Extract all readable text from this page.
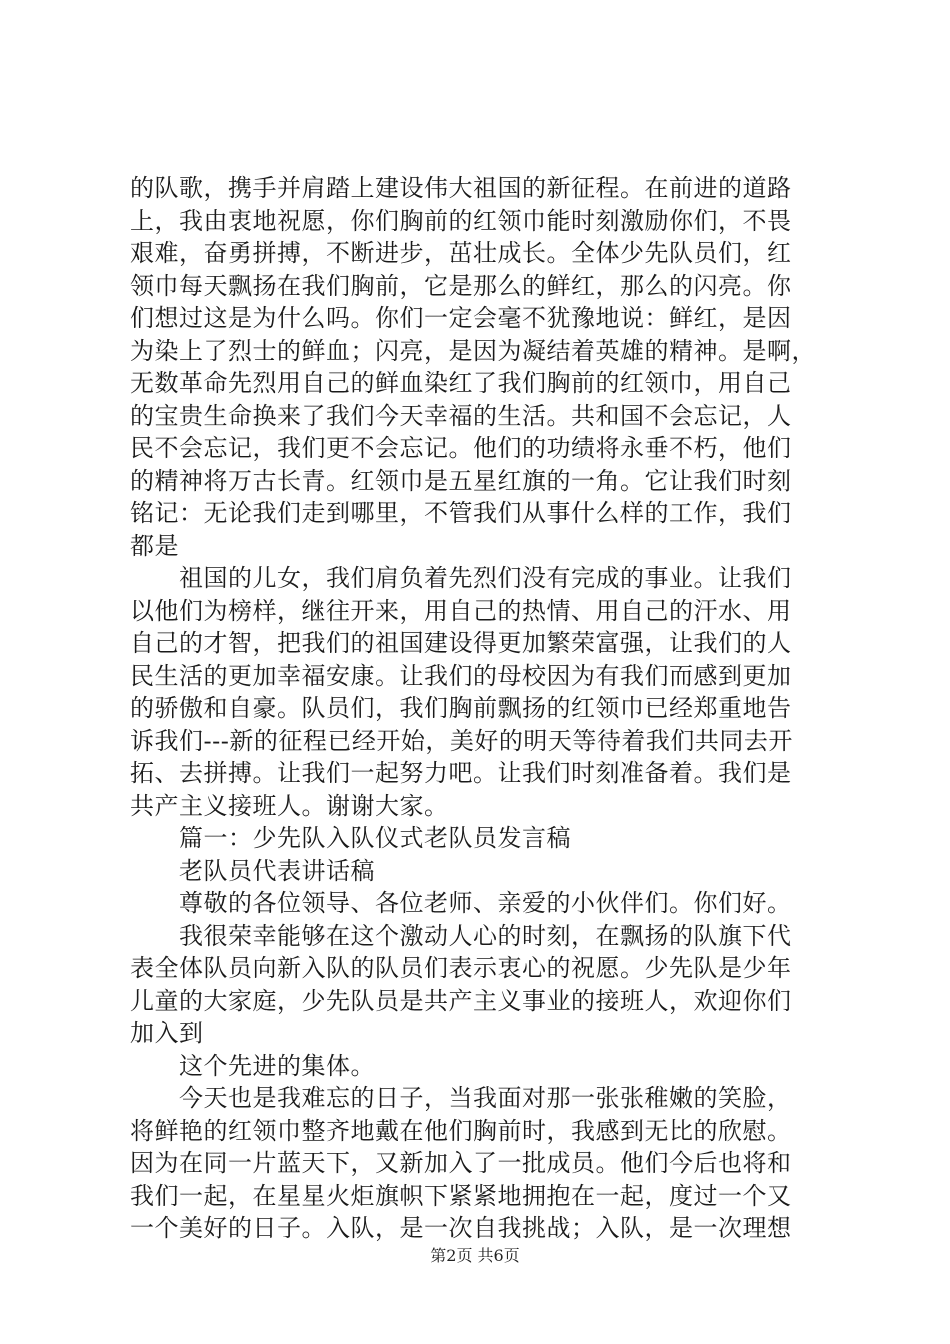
的队歌，携手并肩踏上建设伟大祖国的新征程。在前进的道路
上，我由衷地祝愿，你们胸前的红领巾能时刻激励你们，不畏
艰难，奋勇拼搏，不断进步，茁壮成长。全体少先队员们，红
领巾每天飘扬在我们胸前，它是那么的鲜红，那么的闪亮。你
们想过这是为什么吗。你们一定会毫不犹豫地说：鲜红，是因
为染上了烈士的鲜血；闪亮，是因为凝结着英雄的精神。是啊，
无数革命先烈用自己的鲜血染红了我们胸前的红领巾，用自己
的宝贵生命换来了我们今天幸福的生活。共和国不会忘记，人
民不会忘记，我们更不会忘记。他们的功绩将永垂不朽，他们
的精神将万古长青。红领巾是五星红旗的一角。它让我们时刻
铭记：无论我们走到哪里，不管我们从事什么样的工作，我们
都是
祖国的儿女，我们肩负着先烈们没有完成的事业。让我们
以他们为榜样，继往开来，用自己的热情、用自己的汗水、用
自己的才智，把我们的祖国建设得更加繁荣富强，让我们的人
民生活的更加幸福安康。让我们的母校因为有我们而感到更加
的骄傲和自豪。队员们，我们胸前飘扬的红领巾已经郑重地告
诉我们---新的征程已经开始，美好的明天等待着我们共同去开
拓、去拼搏。让我们一起努力吧。让我们时刻准备着。我们是
共产主义接班人。谢谢大家。
篇一：少先队入队仪式老队员发言稿
老队员代表讲话稿
尊敬的各位领导、各位老师、亲爱的小伙伴们。你们好。
我很荣幸能够在这个激动人心的时刻，在飘扬的队旗下代
表全体队员向新入队的队员们表示衷心的祝愿。少先队是少年
儿童的大家庭，少先队员是共产主义事业的接班人，欢迎你们
加入到
这个先进的集体。
今天也是我难忘的日子，当我面对那一张张稚嫩的笑脸，
将鲜艳的红领巾整齐地戴在他们胸前时，我感到无比的欣慰。
因为在同一片蓝天下，又新加入了一批成员。他们今后也将和
我们一起，在星星火炬旗帜下紧紧地拥抱在一起，度过一个又
一个美好的日子。入队，是一次自我挑战；入队，是一次理想
第2页 共6页
